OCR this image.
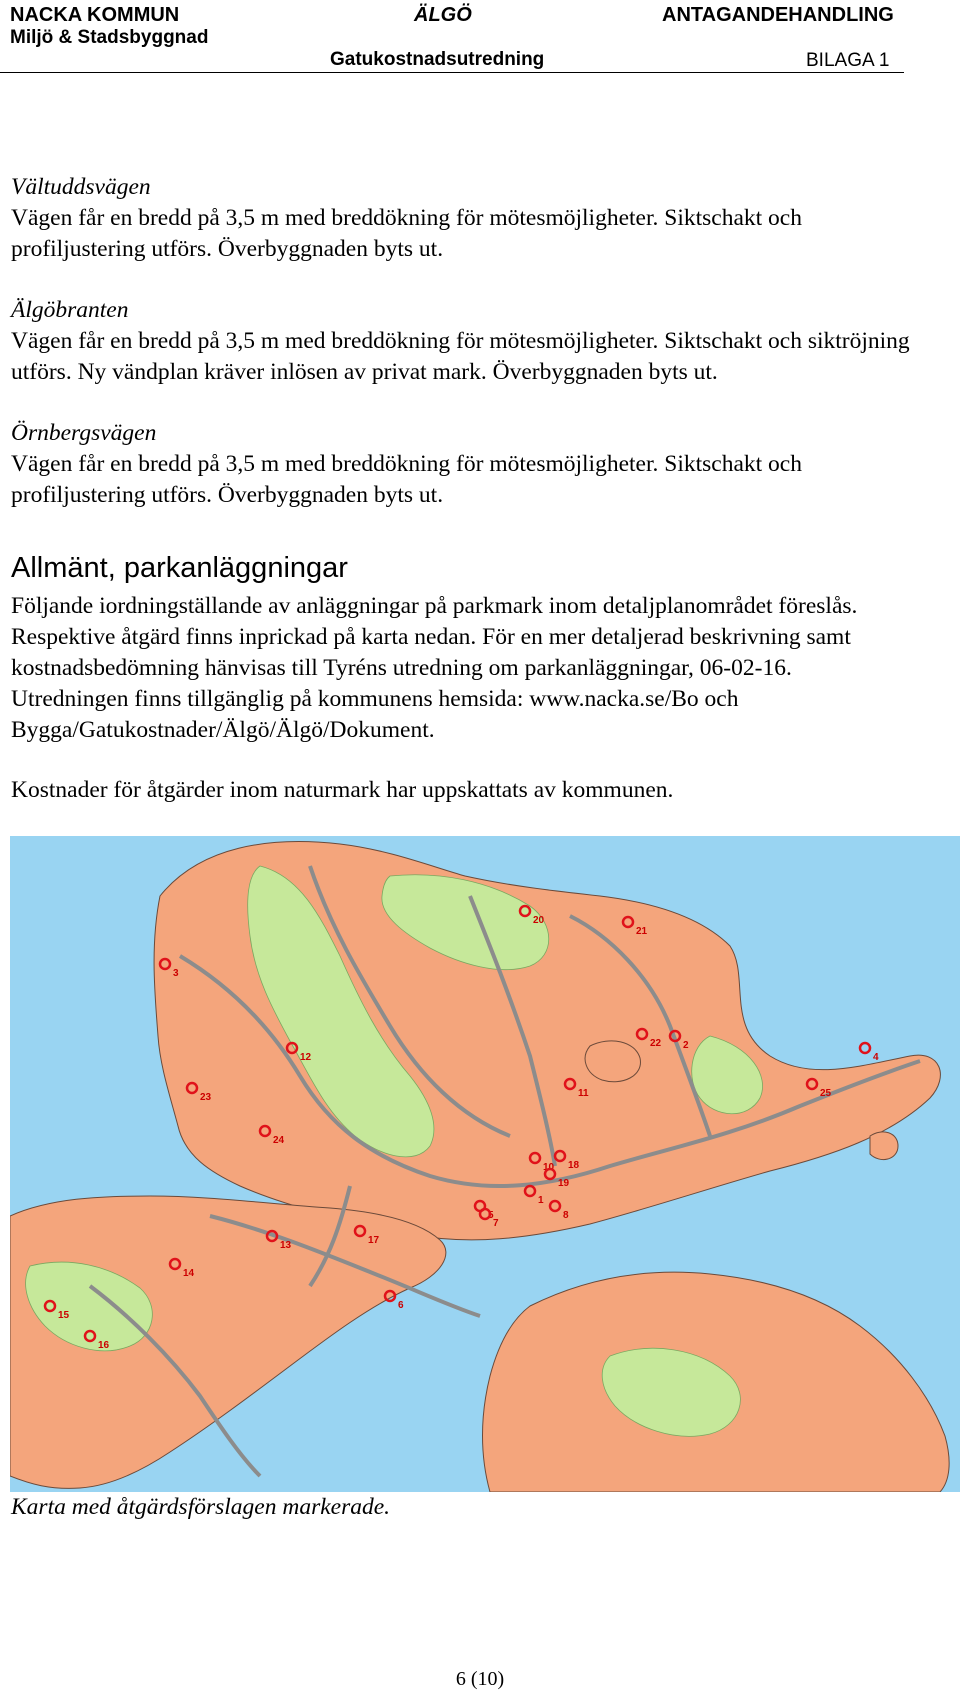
NACKA KOMMUN	ÄLGÖ	ANTAGANDEHANDLING
Miljö & Stadsbyggnad
Gatukostnadsutredning	BILAGA 1
Vältuddsvägen
Vägen får en bredd på 3,5 m med breddökning för mötesmöjligheter. Siktschakt och profiljustering utförs. Överbyggnaden byts ut.
Älgöbranten
Vägen får en bredd på 3,5 m med breddökning för mötesmöjligheter. Siktschakt och siktröjning utförs. Ny vändplan kräver inlösen av privat mark. Överbyggnaden byts ut.
Örnbergsvägen
Vägen får en bredd på 3,5 m med breddökning för mötesmöjligheter. Siktschakt och profiljustering utförs. Överbyggnaden byts ut.
Allmänt, parkanläggningar
Följande iordningställande av anläggningar på parkmark inom detaljplanområdet föreslås. Respektive åtgärd finns inprickad på karta nedan. För en mer detaljerad beskrivning samt kostnadsbedömning hänvisas till Tyréns utredning om parkanläggningar, 06-02-16. Utredningen finns tillgänglig på kommunens hemsida: www.nacka.se/Bo och Bygga/Gatukostnader/Älgö/Älgö/Dokument.
Kostnader för åtgärder inom naturmark har uppskattats av kommunen.
1
2
3
4
5
6
7
8
10
11
12
13
14
15
16
17
18
19
20
21
22
23
24
25
Karta med åtgärdsförslagen markerade.
6 (10)
